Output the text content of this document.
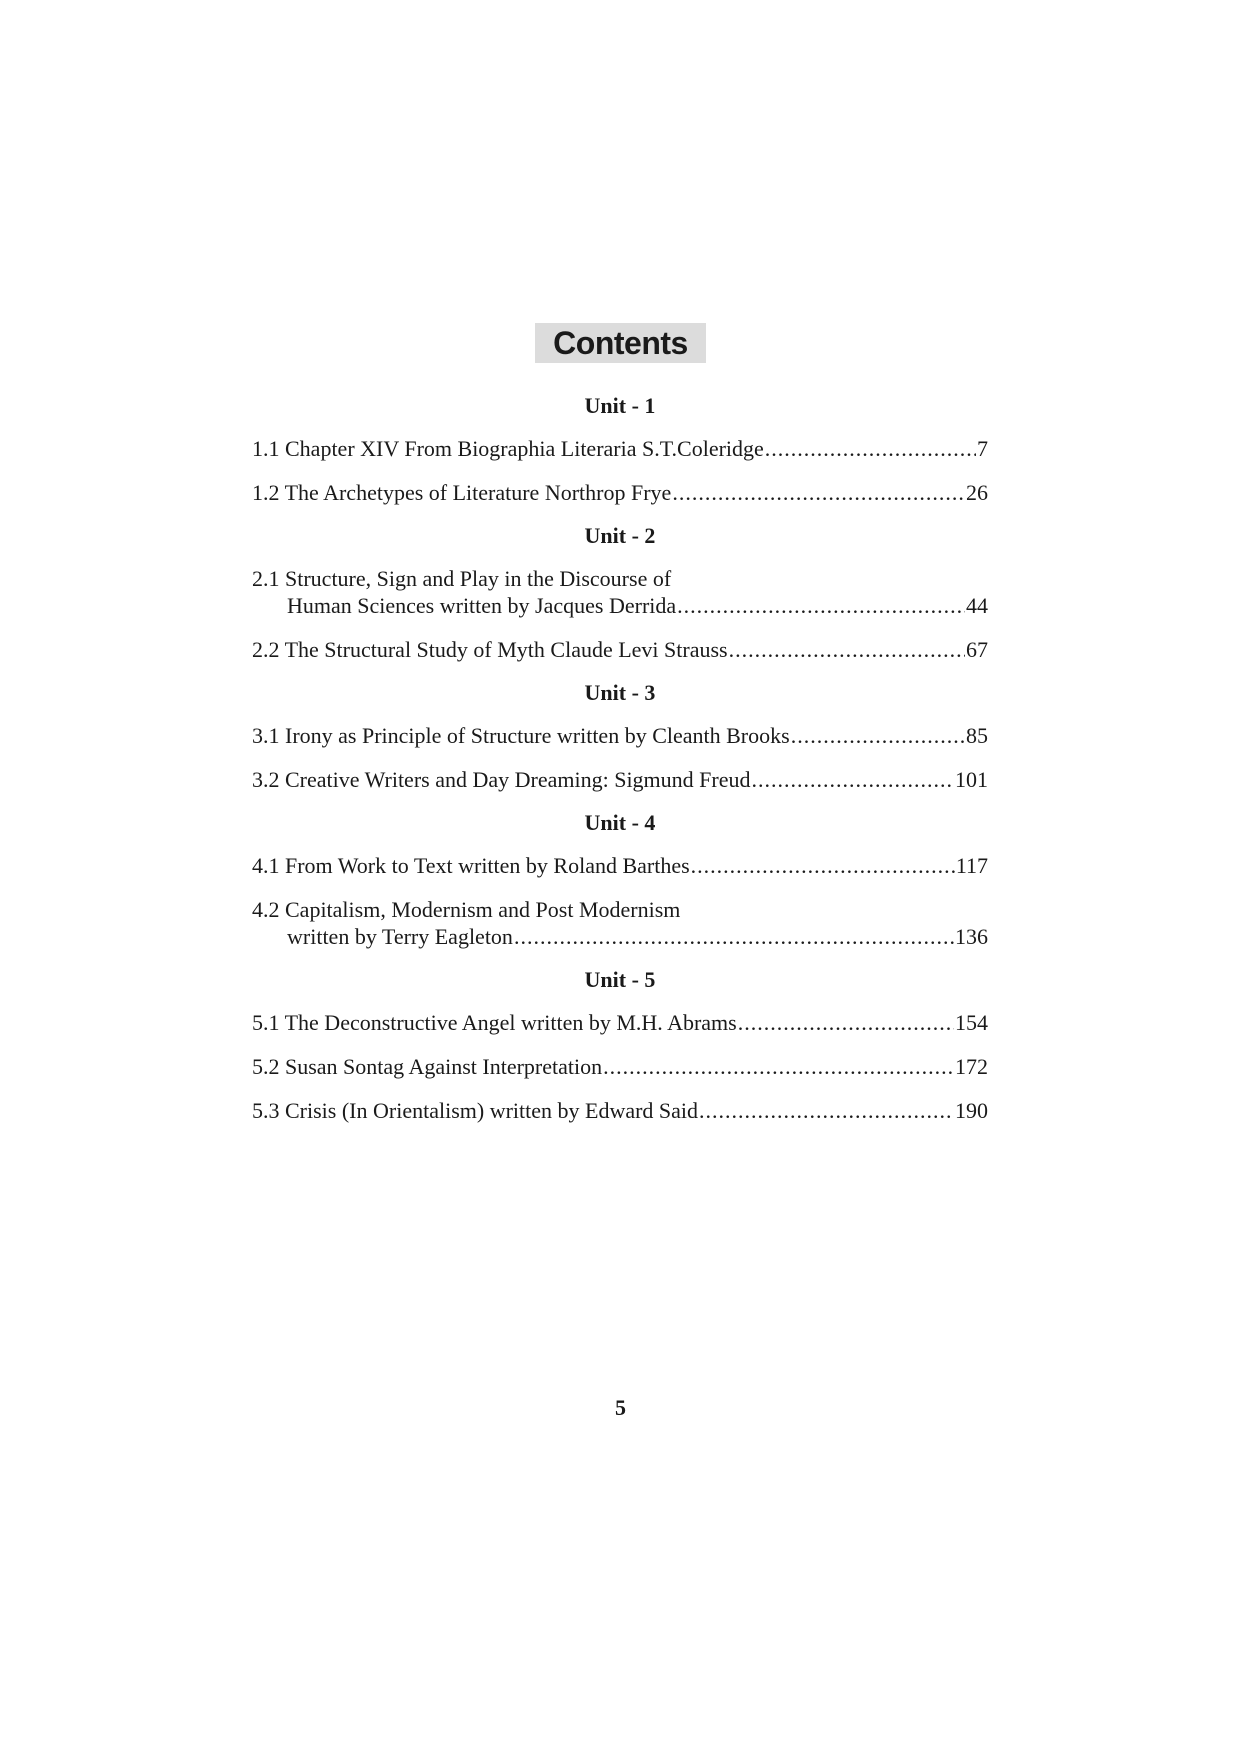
Contents
Unit - 1
1.1 Chapter XIV From Biographia Literaria S.T.Coleridge .....	7
1.2 The Archetypes of Literature Northrop Frye .....	26
Unit - 2
2.1 Structure, Sign and Play in the Discourse of
Human Sciences written by Jacques Derrida .....	44
2.2 The Structural Study of Myth Claude Levi Strauss .....	67
Unit - 3
3.1 Irony as Principle of Structure written by Cleanth Brooks .....	85
3.2 Creative Writers and Day Dreaming: Sigmund Freud .....	101
Unit - 4
4.1 From Work to Text written by Roland Barthes .....	117
4.2 Capitalism, Modernism and Post Modernism
written by Terry Eagleton .....	136
Unit - 5
5.1 The Deconstructive Angel written by M.H. Abrams .....	154
5.2 Susan Sontag Against Interpretation .....	172
5.3 Crisis (In Orientalism) written by Edward Said .....	190
5
